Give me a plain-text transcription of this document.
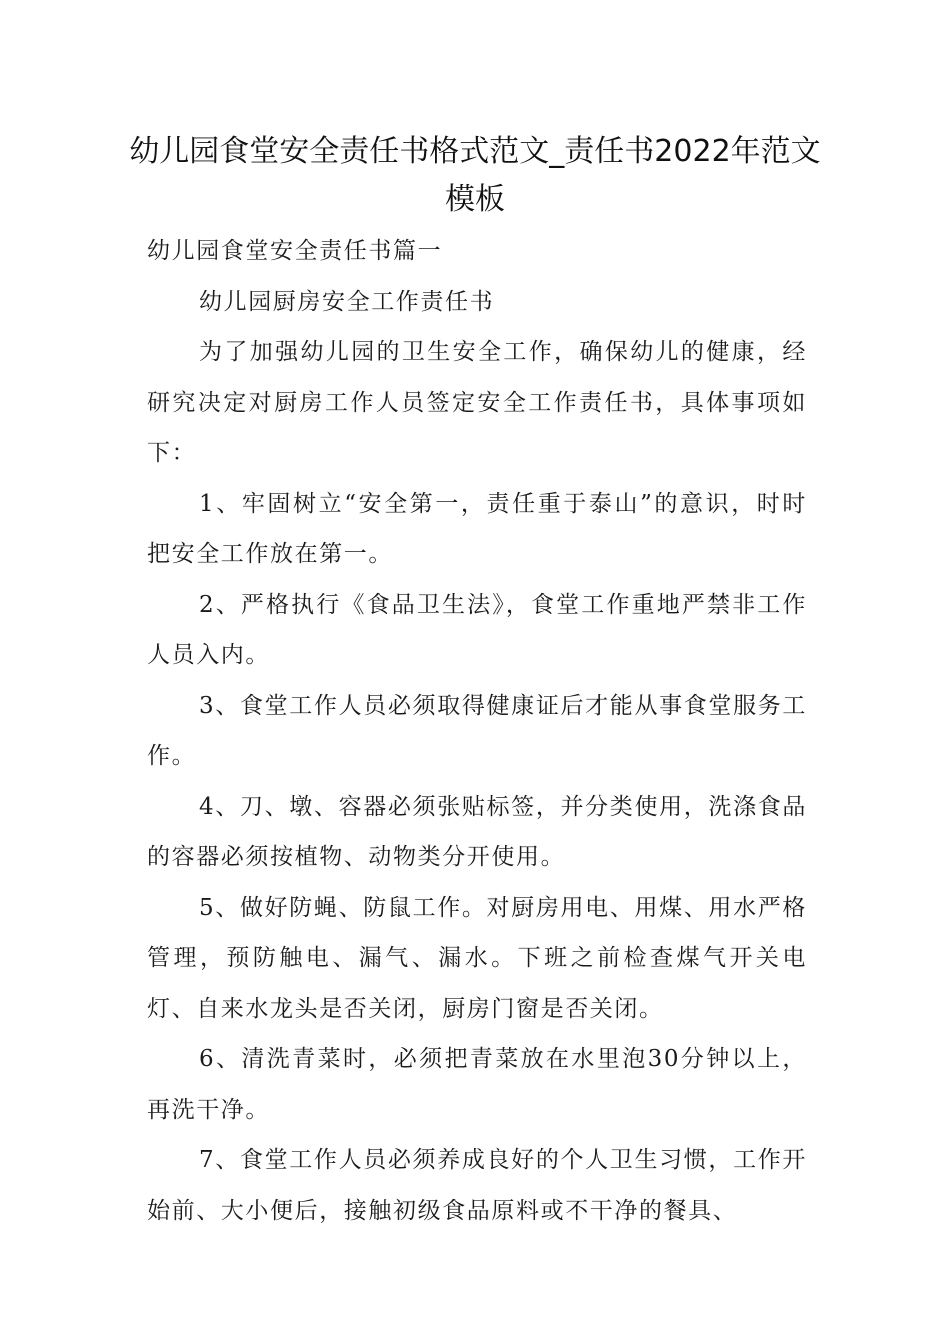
幼儿园食堂安全责任书格式范文_责任书2022年范文模板

幼儿园食堂安全责任书篇一

幼儿园厨房安全工作责任书

为了加强幼儿园的卫生安全工作，确保幼儿的健康，经研究决定对厨房工作人员签定安全工作责任书，具体事项如下：

1、牢固树立“安全第一，责任重于泰山”的意识，时时把安全工作放在第一。

2、严格执行《食品卫生法》，食堂工作重地严禁非工作人员入内。

3、食堂工作人员必须取得健康证后才能从事食堂服务工作。

4、刀、墩、容器必须张贴标签，并分类使用，洗涤食品的容器必须按植物、动物类分开使用。

5、做好防蝇、防鼠工作。对厨房用电、用煤、用水严格管理，预防触电、漏气、漏水。下班之前检查煤气开关电灯、自来水龙头是否关闭，厨房门窗是否关闭。

6、清洗青菜时，必须把青菜放在水里泡30分钟以上，再洗干净。

7、食堂工作人员必须养成良好的个人卫生习惯，工作开始前、大小便后，接触初级食品原料或不干净的餐具、
